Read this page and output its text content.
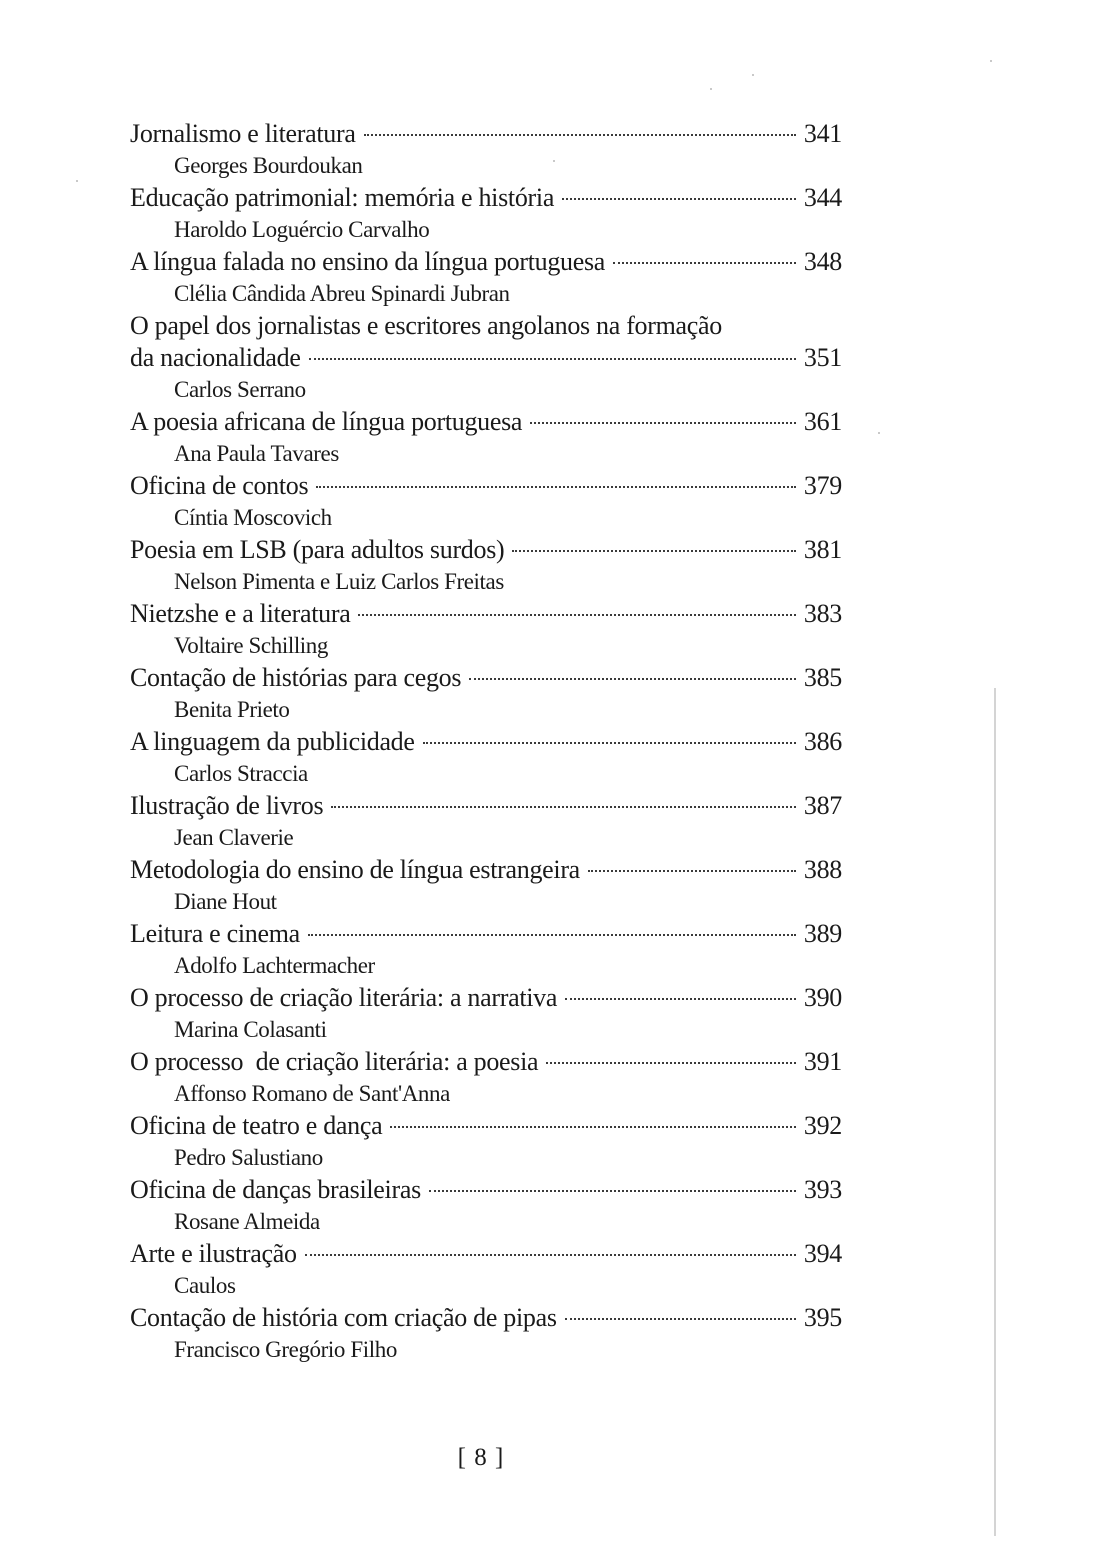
Jornalismo e literatura	341
Georges Bourdoukan
Educação patrimonial: memória e história	344
Haroldo Loguércio Carvalho
A língua falada no ensino da língua portuguesa	348
Clélia Cândida Abreu Spinardi Jubran
O papel dos jornalistas e escritores angolanos na formação
da nacionalidade	351
Carlos Serrano
A poesia africana de língua portuguesa	361
Ana Paula Tavares
Oficina de contos	379
Cíntia Moscovich
Poesia em LSB (para adultos surdos)	381
Nelson Pimenta e Luiz Carlos Freitas
Nietzshe e a literatura	383
Voltaire Schilling
Contação de histórias para cegos	385
Benita Prieto
A linguagem da publicidade	386
Carlos Straccia
Ilustração de livros	387
Jean Claverie
Metodologia do ensino de língua estrangeira	388
Diane Hout
Leitura e cinema	389
Adolfo Lachtermacher
O processo de criação literária: a narrativa	390
Marina Colasanti
O processo  de criação literária: a poesia	391
Affonso Romano de Sant'Anna
Oficina de teatro e dança	392
Pedro Salustiano
Oficina de danças brasileiras	393
Rosane Almeida
Arte e ilustração	394
Caulos
Contação de história com criação de pipas	395
Francisco Gregório Filho
[ 8 ]
